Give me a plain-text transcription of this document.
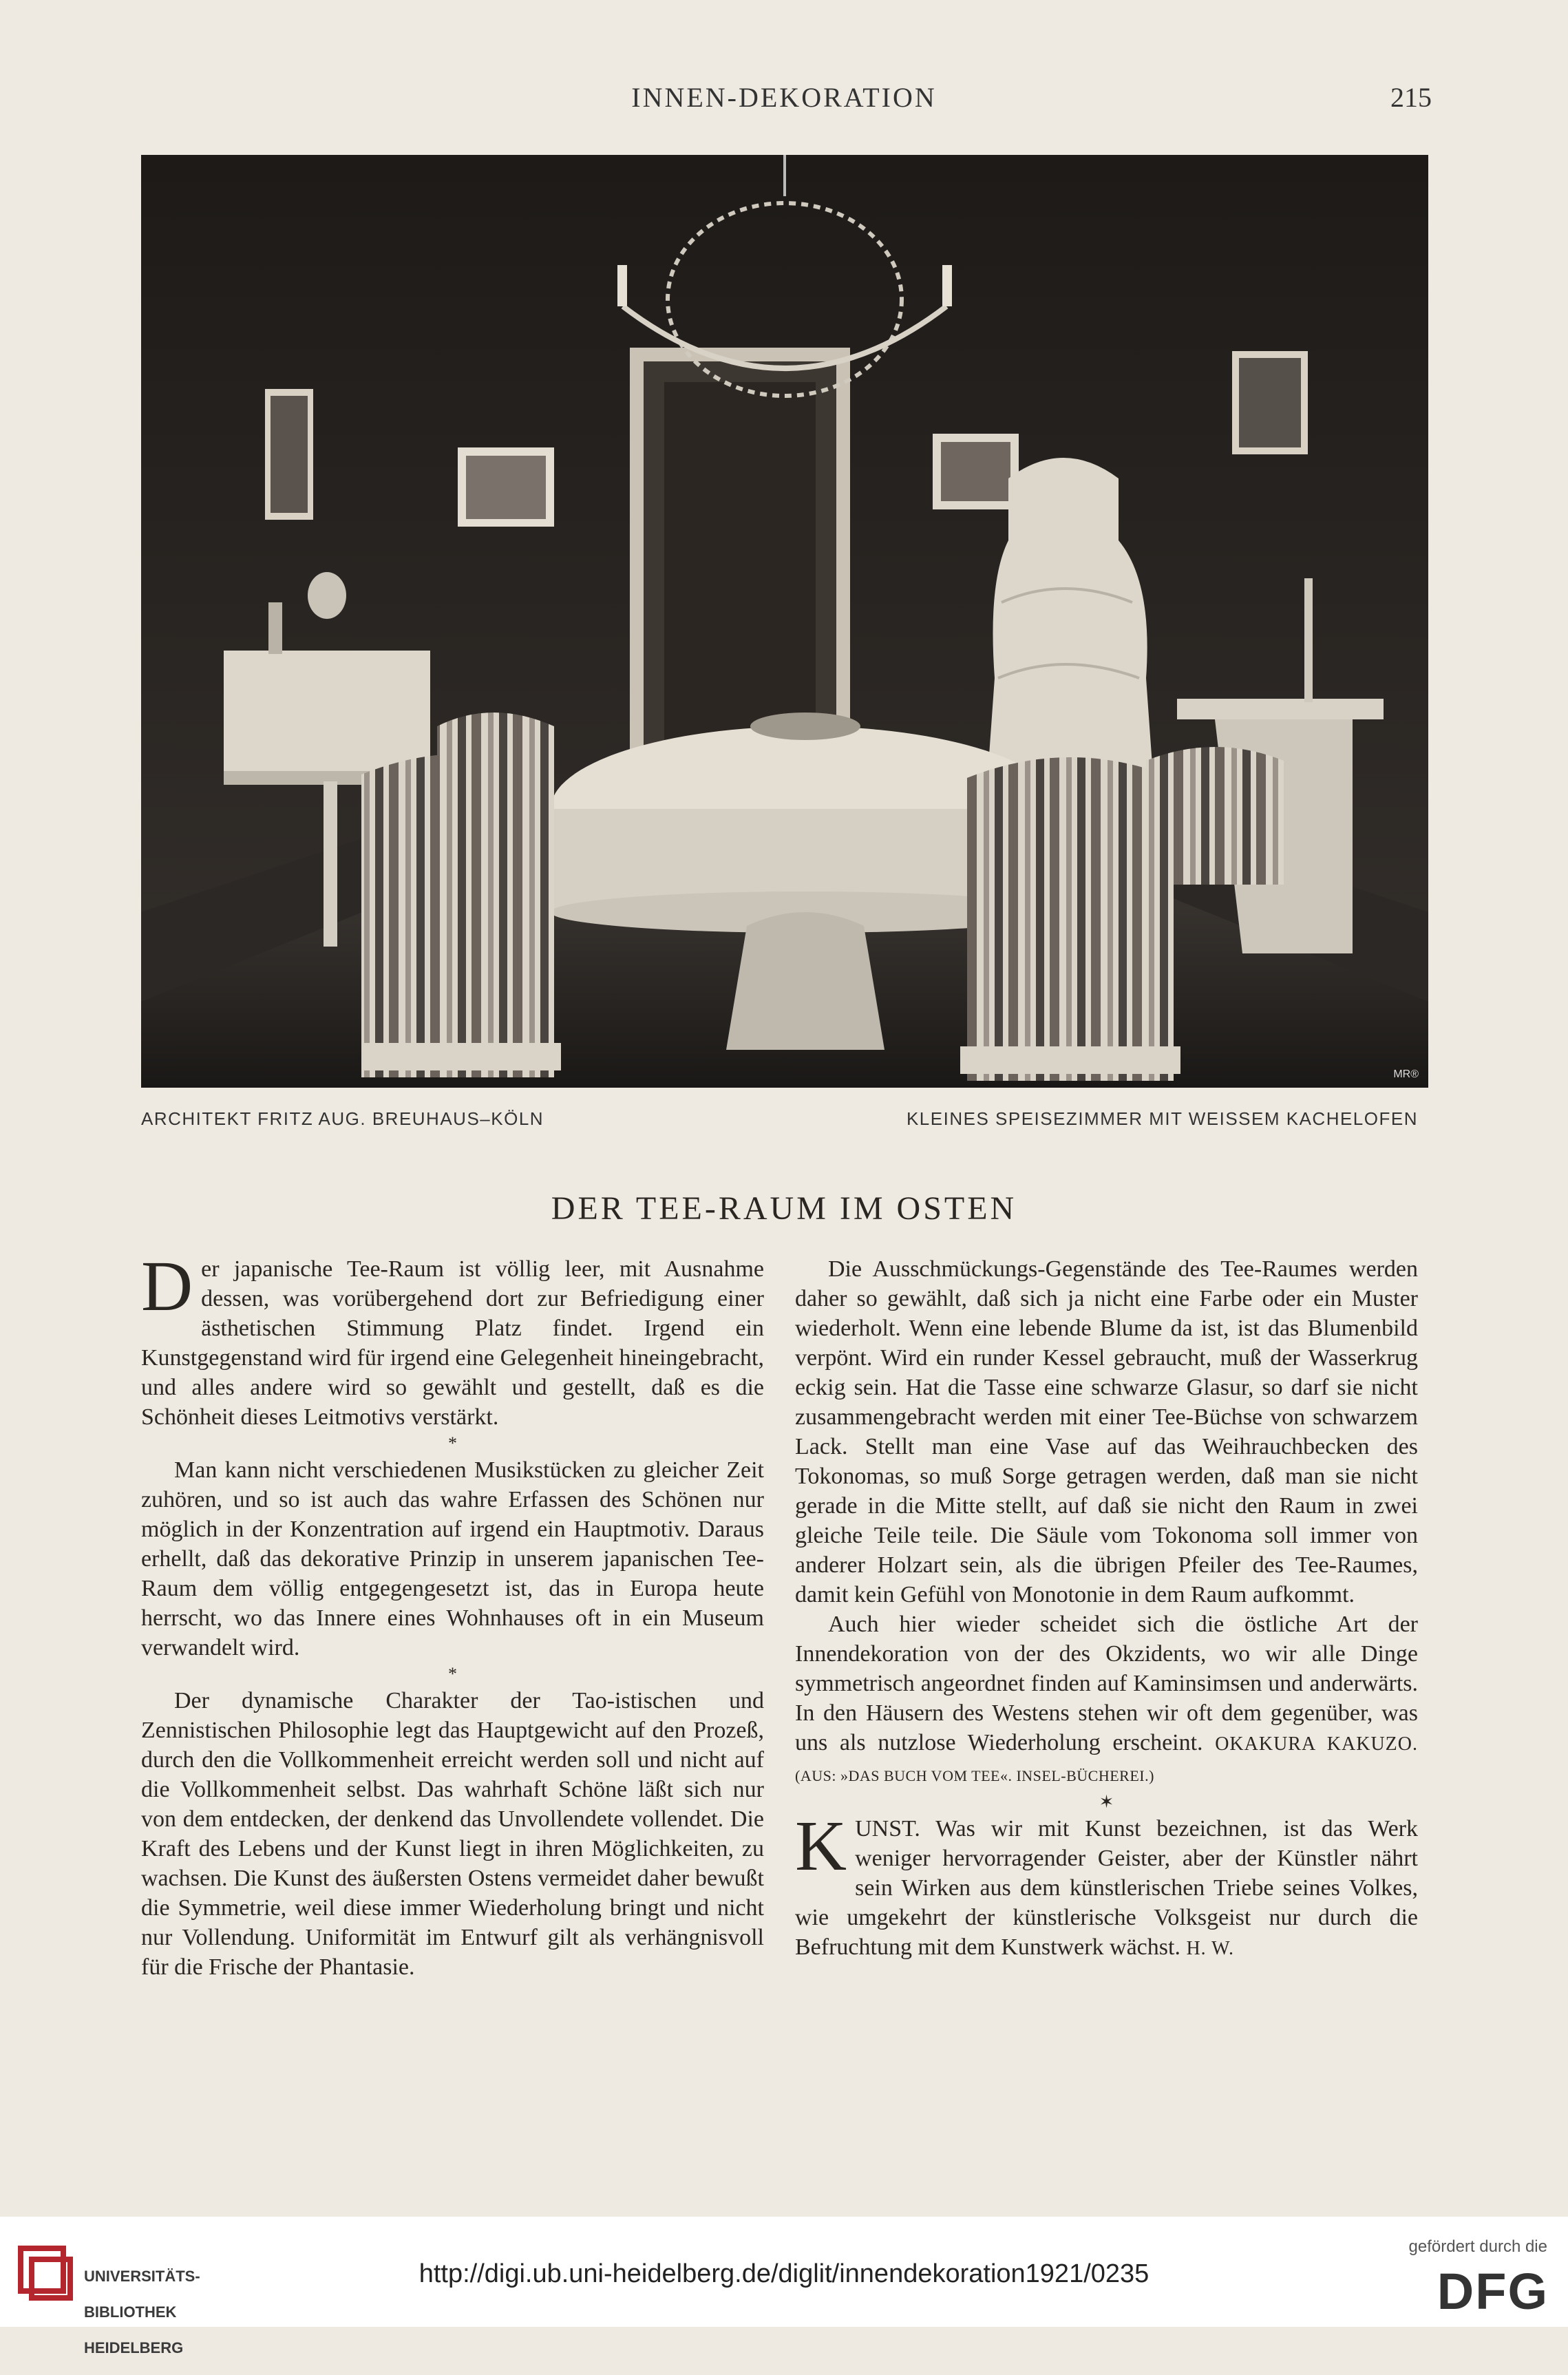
INNEN-DEKORATION	215
MR®
ARCHITEKT FRITZ AUG. BREUHAUS–KÖLN	KLEINES SPEISEZIMMER MIT WEISSEM KACHELOFEN
DER TEE-RAUM IM OSTEN

Der japanische Tee-Raum ist völlig leer, mit Ausnahme dessen, was vorübergehend dort zur Befriedigung einer ästhetischen Stimmung Platz findet. Irgend ein Kunstgegenstand wird für irgend eine Gelegenheit hineingebracht, und alles andere wird so gewählt und gestellt, daß es die Schönheit dieses Leitmotivs verstärkt.

*

Man kann nicht verschiedenen Musikstücken zu gleicher Zeit zuhören, und so ist auch das wahre Erfassen des Schönen nur möglich in der Konzentration auf irgend ein Hauptmotiv. Daraus erhellt, daß das dekorative Prinzip in unserem japanischen Tee-Raum dem völlig entgegengesetzt ist, das in Europa heute herrscht, wo das Innere eines Wohnhauses oft in ein Museum verwandelt wird.

*

Der dynamische Charakter der Tao-istischen und Zennistischen Philosophie legt das Hauptgewicht auf den Prozeß, durch den die Vollkommenheit erreicht werden soll und nicht auf die Vollkommenheit selbst. Das wahrhaft Schöne läßt sich nur von dem entdecken, der denkend das Unvollendete vollendet. Die Kraft des Lebens und der Kunst liegt in ihren Möglichkeiten, zu wachsen. Die Kunst des äußersten Ostens vermeidet daher bewußt die Symmetrie, weil diese immer Wiederholung bringt und nicht nur Vollendung. Uniformität im Entwurf gilt als verhängnisvoll für die Frische der Phantasie.

Die Ausschmückungs-Gegenstände des Tee-Raumes werden daher so gewählt, daß sich ja nicht eine Farbe oder ein Muster wiederholt. Wenn eine lebende Blume da ist, ist das Blumenbild verpönt. Wird ein runder Kessel gebraucht, muß der Wasserkrug eckig sein. Hat die Tasse eine schwarze Glasur, so darf sie nicht zusammengebracht werden mit einer Tee-Büchse von schwarzem Lack. Stellt man eine Vase auf das Weihrauchbecken des Tokonomas, so muß Sorge getragen werden, daß man sie nicht gerade in die Mitte stellt, auf daß sie nicht den Raum in zwei gleiche Teile teile. Die Säule vom Tokonoma soll immer von anderer Holzart sein, als die übrigen Pfeiler des Tee-Raumes, damit kein Gefühl von Monotonie in dem Raum aufkommt.

Auch hier wieder scheidet sich die östliche Art der Innendekoration von der des Okzidents, wo wir alle Dinge symmetrisch angeordnet finden auf Kaminsimsen und anderwärts. In den Häusern des Westens stehen wir oft dem gegenüber, was uns als nutzlose Wiederholung erscheint. OKAKURA KAKUZO. (AUS: »DAS BUCH VOM TEE«. INSEL-BÜCHEREI.)

✶

KUNST. Was wir mit Kunst bezeichnen, ist das Werk weniger hervorragender Geister, aber der Künstler nährt sein Wirken aus dem künstlerischen Triebe seines Volkes, wie umgekehrt der künstlerische Volksgeist nur durch die Befruchtung mit dem Kunstwerk wächst. H. W.

UNIVERSITÄTS-

BIBLIOTHEK

HEIDELBERG

http://digi.ub.uni-heidelberg.de/diglit/innendekoration1921/0235
gefördert durch die
DFG
